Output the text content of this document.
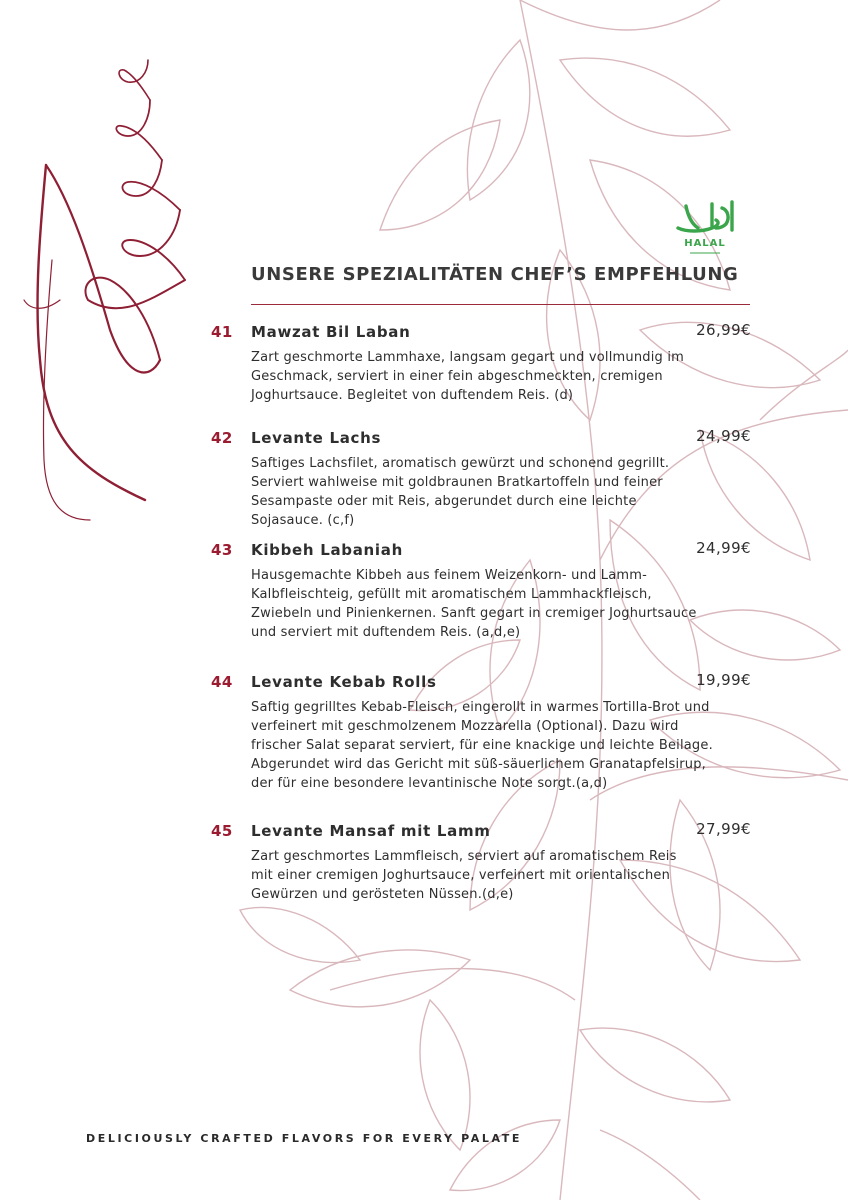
HALAL
UNSERE SPEZIALITÄTEN CHEF’S EMPFEHLUNG
41 Mawzat Bil Laban	26,99€
Zart geschmorte Lammhaxe, langsam gegart und vollmundig im Geschmack, serviert in einer fein abgeschmeckten, cremigen Joghurtsauce. Begleitet von duftendem Reis. (d)
42 Levante Lachs	24,99€
Saftiges Lachsfilet, aromatisch gewürzt und schonend gegrillt. Serviert wahlweise mit goldbraunen Bratkartoffeln und feiner Sesampaste oder mit Reis, abgerundet durch eine leichte Sojasauce. (c,f)
43 Kibbeh Labaniah	24,99€
Hausgemachte Kibbeh aus feinem Weizenkorn- und Lamm-Kalbfleischteig, gefüllt mit aromatischem Lammhackfleisch, Zwiebeln und Pinienkernen. Sanft gegart in cremiger Joghurtsauce und serviert mit duftendem Reis. (a,d,e)
44 Levante Kebab Rolls	19,99€
Saftig gegrilltes Kebab-Fleisch, eingerollt in warmes Tortilla-Brot und verfeinert mit geschmolzenem Mozzarella (Optional). Dazu wird frischer Salat separat serviert, für eine knackige und leichte Beilage. Abgerundet wird das Gericht mit süß-säuerlichem Granatapfelsirup, der für eine besondere levantinische Note sorgt.(a,d)
45 Levante Mansaf mit Lamm	27,99€
Zart geschmortes Lammfleisch, serviert auf aromatischem Reis mit einer cremigen Joghurtsauce, verfeinert mit orientalischen Gewürzen und gerösteten Nüssen.(d,e)
DELICIOUSLY CRAFTED FLAVORS FOR EVERY PALATE
